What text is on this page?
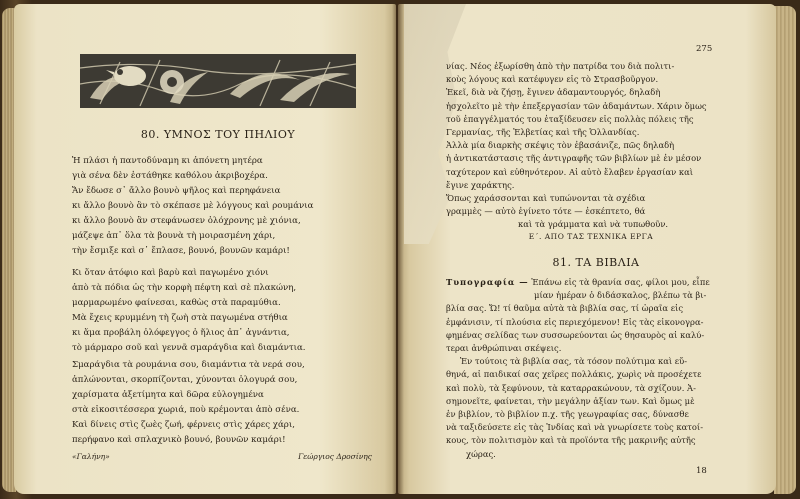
80. ΥΜΝΟΣ ΤΟΥ ΠΗΛΙΟΥ
Ἡ πλάσι ἡ παντοδύναμη κι ἀπόνετη μητέρα
γιὰ σένα δὲν ἐστάθηκε καθόλου ἀκριβοχέρα.
Ἄν ἔδωσε σ᾿ ἄλλο βουνὸ ψῆλος καὶ περηφάνεια
κι ἄλλο βουνὸ ἂν τὸ σκέπασε μὲ λόγγους καὶ ρουμάνια
κι ἄλλο βουνὸ ἂν στεφάνωσεν ὁλόχρονης μὲ χιόνια,
μάζεψε ἀπ᾿ ὅλα τὰ βουνὰ τὴ μοιρασμένη χάρι,
τὴν ἔσμιξε καὶ σ᾿ ἔπλασε, βουνό, βουνῶν καμάρι!
Κι ὅταν ἀτόφιο καὶ βαρὺ καὶ παγωμένο χιόνι
ἀπὸ τὰ πόδια ὡς τὴν κορφὴ πέφτη καὶ σὲ πλακώνη,
μαρμαρωμένο φαίνεσαι, καθὼς στὰ παραμύθια.
Μὰ ἔχεις κρυμμένη τὴ ζωὴ στὰ παγωμένα στήθια
κι ἅμα προβάλη ὁλόφεγγος ὁ ἥλιος ἀπ᾿ ἀγνάντια,
τὸ μάρμαρο σοῦ καὶ γεννᾶ σμαράγδια καὶ διαμάντια.
Σμαράγδια τὰ ρουμάνια σου, διαμάντια τὰ νερά σου,
ἁπλώνονται, σκορπίζονται, χύνονται ὁλογυρά σου,
χαρίσματα ἀξετίμητα καὶ δῶρα εὐλογημένα
στὰ εἰκοσιτέσσερα χωριά, ποὺ κρέμονται ἀπὸ σένα.
Καὶ δίνεις στὶς ζωὲς ζωή, φέρνεις στὶς χάρες χάρι,
περήφανο καὶ σπλαχνικὸ βουνό, βουνῶν καμάρι!
«Γαλήνη»	Γεώργιος Δροσίνης
275
νίας. Νέος ἐξωρίσθη ἀπὸ τὴν πατρίδα του διὰ πολιτι-
κοὺς λόγους καὶ κατέφυγεν εἰς τὸ Στρασβοῦργον.
Ἐκεῖ, διὰ νὰ ζήσῃ, ἔγινεν ἀδαμαντουργός, δηλαδὴ
ἠσχολεῖτο μὲ τὴν ἐπεξεργασίαν τῶν ἀδαμάντων. Χάριν ὅμως
τοῦ ἐπαγγέλματός του ἐταξίδευσεν εἰς πολλὰς πόλεις τῆς
Γερμανίας, τῆς Ἑλβετίας καὶ τῆς Ὁλλανδίας.
Ἀλλὰ μία διαρκὴς σκέψις τὸν ἐβασάνιζε, πῶς δηλαδὴ
ἡ ἀντικατάστασις τῆς ἀντιγραφῆς τῶν βιβλίων μὲ ἐν μέσον
ταχύτερον καὶ εὐθηνότερον. Αἱ αὐτὸ ἔλαβεν ἐργασίαν καὶ
ἔγινε χαράκτης.
Ὅπως χαράσσονται καὶ τυπώνονται τὰ σχέδια
γραμμὲς — αὐτὸ ἐγίνετο τότε — ἐσκέπτετο, θά
καὶ τὰ γράμματα καὶ νὰ τυπωθοῦν.
Ε΄. ΑΠΟ ΤΑΣ ΤΕΧΝΙΚΑ ΕΡΓΑ
81. ΤΑ ΒΙΒΛΙΑ
Τυπογραφία — Ἐπάνω εἰς τὰ θρανία σας, φίλοι μου, εἶπε
μίαν ἡμέραν ὁ διδάσκαλος, βλέπω τὰ βι-
βλία σας. Ὤ! τί θαῦμα αὐτὰ τὰ βιβλία σας, τί ὡραῖα εἰς
ἐμφάνισιν, τί πλούσια εἰς περιεχόμενον! Εἰς τὰς εἰκονογρα-
φημένας σελίδας των συσσωρεύονται ὡς θησαυρὸς αἱ καλύ-
τεραι ἀνθρώπιναι σκέψεις.
Ἐν τούτοις τὰ βιβλία σας, τὰ τόσον πολύτιμα καὶ εὔ-
θηνά, αἱ παιδικαί σας χεῖρες πολλάκις, χωρὶς νὰ προσέχετε
καὶ πολὺ, τὰ ξεφύνουν, τὰ καταρρακώνουν, τὰ σχίζουν. Ἀ-
σημονεῖτε, φαίνεται, τὴν μεγάλην ἀξίαν των. Καὶ ὅμως μὲ
ἐν βιβλίον, τὸ βιβλίον π.χ. τῆς γεωγραφίας σας, δύνασθε
νὰ ταξιδεύσετε εἰς τὰς Ἰνδίας καὶ νὰ γνωρίσετε τοὺς κατοί-
κους, τὸν πολιτισμὸν καὶ τὰ προϊόντα τῆς μακρινῆς αὐτῆς
χώρας.
18
